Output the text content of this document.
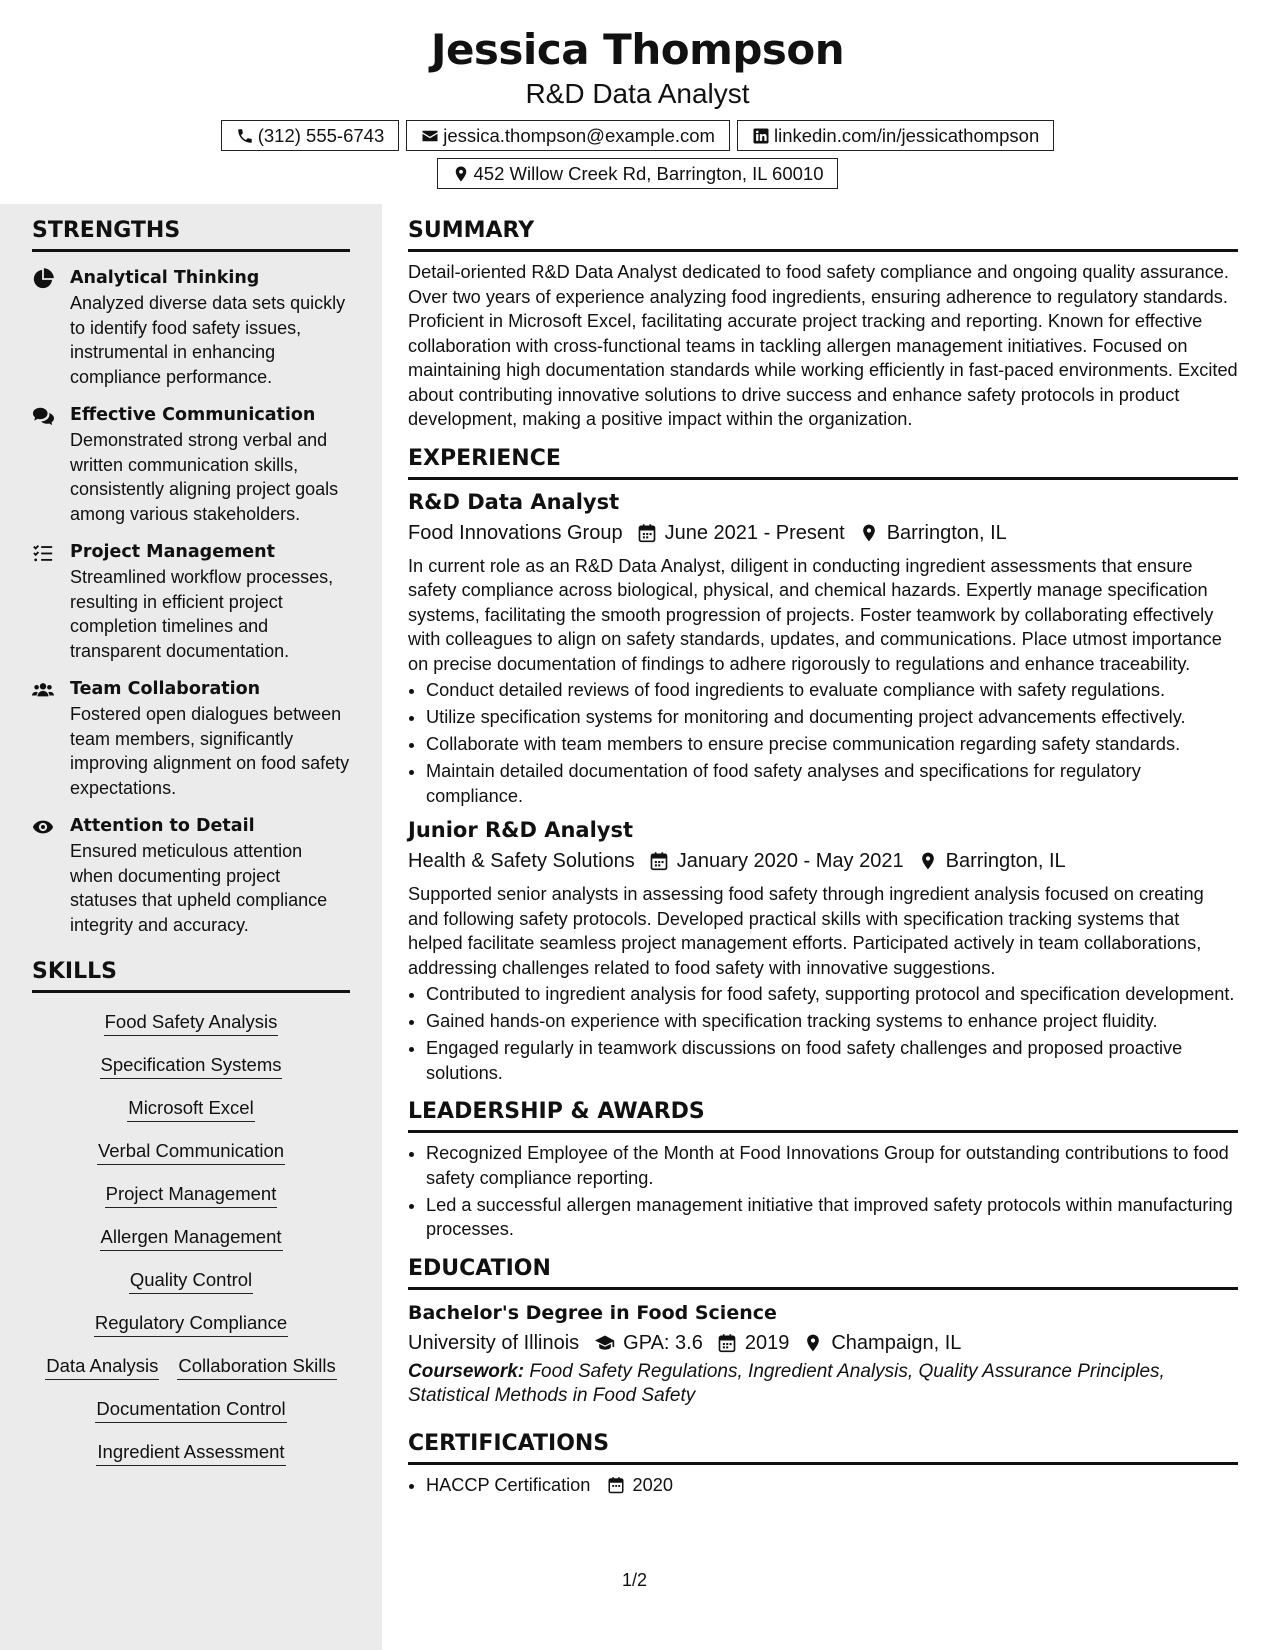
Jessica Thompson
R&D Data Analyst
(312) 555-6743	jessica.thompson@example.com	linkedin.com/in/jessicathompson
452 Willow Creek Rd, Barrington, IL 60010
STRENGTHS
Analytical Thinking
Analyzed diverse data sets quickly to identify food safety issues, instrumental in enhancing compliance performance.
Effective Communication
Demonstrated strong verbal and written communication skills, consistently aligning project goals among various stakeholders.
Project Management
Streamlined workflow processes, resulting in efficient project completion timelines and transparent documentation.
Team Collaboration
Fostered open dialogues between team members, significantly improving alignment on food safety expectations.
Attention to Detail
Ensured meticulous attention when documenting project statuses that upheld compliance integrity and accuracy.
SKILLS
Food Safety Analysis
Specification Systems
Microsoft Excel
Verbal Communication
Project Management
Allergen Management
Quality Control
Regulatory Compliance
Data Analysis Collaboration Skills
Documentation Control
Ingredient Assessment
SUMMARY

Detail-oriented R&D Data Analyst dedicated to food safety compliance and ongoing quality assurance. Over two years of experience analyzing food ingredients, ensuring adherence to regulatory standards. Proficient in Microsoft Excel, facilitating accurate project tracking and reporting. Known for effective collaboration with cross-functional teams in tackling allergen management initiatives. Focused on maintaining high documentation standards while working efficiently in fast-paced environments. Excited about contributing innovative solutions to drive success and enhance safety protocols in product development, making a positive impact within the organization.

EXPERIENCE
R&D Data Analyst
Food Innovations Group June 2021 - Present Barrington, IL

In current role as an R&D Data Analyst, diligent in conducting ingredient assessments that ensure safety compliance across biological, physical, and chemical hazards. Expertly manage specification systems, facilitating the smooth progression of projects. Foster teamwork by collaborating effectively with colleagues to align on safety standards, updates, and communications. Place utmost importance on precise documentation of findings to adhere rigorously to regulations and enhance traceability.

• Conduct detailed reviews of food ingredients to evaluate compliance with safety regulations.
• Utilize specification systems for monitoring and documenting project advancements effectively.
• Collaborate with team members to ensure precise communication regarding safety standards.
• Maintain detailed documentation of food safety analyses and specifications for regulatory compliance.
Junior R&D Analyst
Health & Safety Solutions January 2020 - May 2021 Barrington, IL

Supported senior analysts in assessing food safety through ingredient analysis focused on creating and following safety protocols. Developed practical skills with specification tracking systems that helped facilitate seamless project management efforts. Participated actively in team collaborations, addressing challenges related to food safety with innovative suggestions.

• Contributed to ingredient analysis for food safety, supporting protocol and specification development.
• Gained hands-on experience with specification tracking systems to enhance project fluidity.
• Engaged regularly in teamwork discussions on food safety challenges and proposed proactive solutions.
LEADERSHIP & AWARDS
• Recognized Employee of the Month at Food Innovations Group for outstanding contributions to food safety compliance reporting.
• Led a successful allergen management initiative that improved safety protocols within manufacturing processes.
EDUCATION
Bachelor's Degree in Food Science
University of Illinois GPA: 3.6 2019 Champaign, IL
Coursework: Food Safety Regulations, Ingredient Analysis, Quality Assurance Principles, Statistical Methods in Food Safety
CERTIFICATIONS
• HACCP Certification 2020
1/2
